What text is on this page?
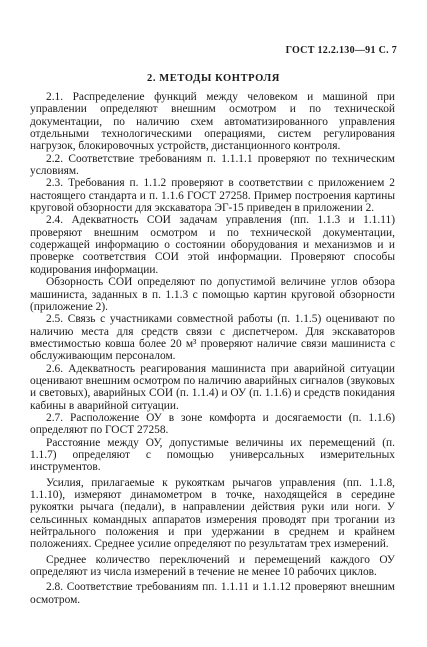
ГОСТ 12.2.130—91 С. 7
2. МЕТОДЫ КОНТРОЛЯ

2.1. Распределение функций между человеком и машиной при управлении определяют внешним осмотром и по технической документации, по наличию схем автоматизированного управления отдельными технологическими операциями, систем регулирования нагрузок, блокировочных устройств, дистанционного контроля.

2.2. Соответствие требованиям п. 1.1.1.1 проверяют по техническим условиям.

2.3. Требования п. 1.1.2 проверяют в соответствии с приложением 2 настоящего стандарта и п. 1.1.6 ГОСТ 27258. Пример построения картины круговой обзорности для экскаватора ЭГ-15 приведен в приложении 2.

2.4. Адекватность СОИ задачам управления (пп. 1.1.3 и 1.1.11) проверяют внешним осмотром и по технической документации, содержащей информацию о состоянии оборудования и механизмов и и проверке соответствия СОИ этой информации. Проверяют способы кодирования информации.

Обзорность СОИ определяют по допустимой величине углов обзора машиниста, заданных в п. 1.1.3 с помощью картин круговой обзорности (приложение 2).

2.5. Связь с участниками совместной работы (п. 1.1.5) оценивают по наличию места для средств связи с диспетчером. Для экскаваторов вместимостью ковша более 20 м³ проверяют наличие связи машиниста с обслуживающим персоналом.

2.6. Адекватность реагирования машиниста при аварийной ситуации оценивают внешним осмотром по наличию аварийных сигналов (звуковых и световых), аварийных СОИ (п. 1.1.4) и ОУ (п. 1.1.6) и средств покидания кабины в аварийной ситуации.

2.7. Расположение ОУ в зоне комфорта и досягаемости (п. 1.1.6) определяют по ГОСТ 27258.

Расстояние между ОУ, допустимые величины их перемещений (п. 1.1.7) определяют с помощью универсальных измерительных инструментов.

Усилия, прилагаемые к рукояткам рычагов управления (пп. 1.1.8, 1.1.10), измеряют динамометром в точке, находящейся в середине рукоятки рычага (педали), в направлении действия руки или ноги. У сельсинных командных аппаратов измерения проводят при трогании из нейтрального положения и при удержании в среднем и крайнем положениях. Среднее усилие определяют по результатам трех измерений.

Среднее количество переключений и перемещений каждого ОУ определяют из числа измерений в течение не менее 10 рабочих циклов.

2.8. Соответствие требованиям пп. 1.1.11 и 1.1.12 проверяют внешним осмотром.
